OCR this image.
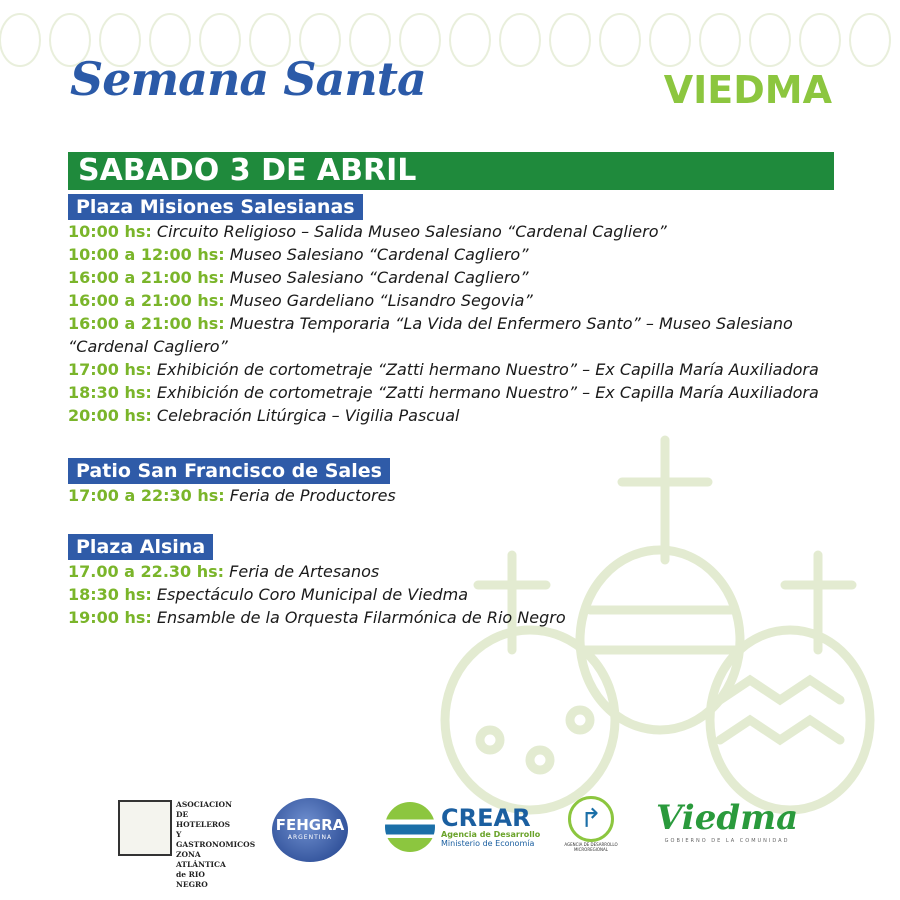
Semana Santa	VIEDMA
SABADO 3 DE ABRIL
Plaza Misiones Salesianas
10:00 hs: Circuito Religioso – Salida Museo Salesiano “Cardenal Cagliero”
10:00 a 12:00 hs: Museo Salesiano “Cardenal Cagliero”
16:00 a 21:00 hs: Museo Salesiano “Cardenal Cagliero”
16:00 a 21:00 hs: Museo Gardeliano “Lisandro Segovia”
16:00 a 21:00 hs: Muestra Temporaria “La Vida del Enfermero Santo” – Museo Salesiano “Cardenal Cagliero”
17:00 hs: Exhibición de cortometraje “Zatti hermano Nuestro” – Ex Capilla María Auxiliadora
18:30 hs: Exhibición de cortometraje “Zatti hermano Nuestro” – Ex Capilla María Auxiliadora
20:00 hs: Celebración Litúrgica – Vigilia Pascual
Patio San Francisco de Sales
17:00 a 22:30 hs: Feria de Productores
Plaza Alsina
17.00 a 22.30 hs: Feria de Artesanos
18:30 hs: Espectáculo Coro Municipal de Viedma
19:00 hs: Ensamble de la Orquesta Filarmónica de Rio Negro
ASOCIACION DE HOTELEROS Y GASTRONOMICOS ZONA ATLÁNTICA de RIO NEGRO
FEHGRA
ARGENTINA
CREAR
Agencia de Desarrollo
Ministerio de Economía
↱
AGENCIA DE DESARROLLO MICROREGIONAL
Viedma
GOBIERNO DE LA COMUNIDAD
